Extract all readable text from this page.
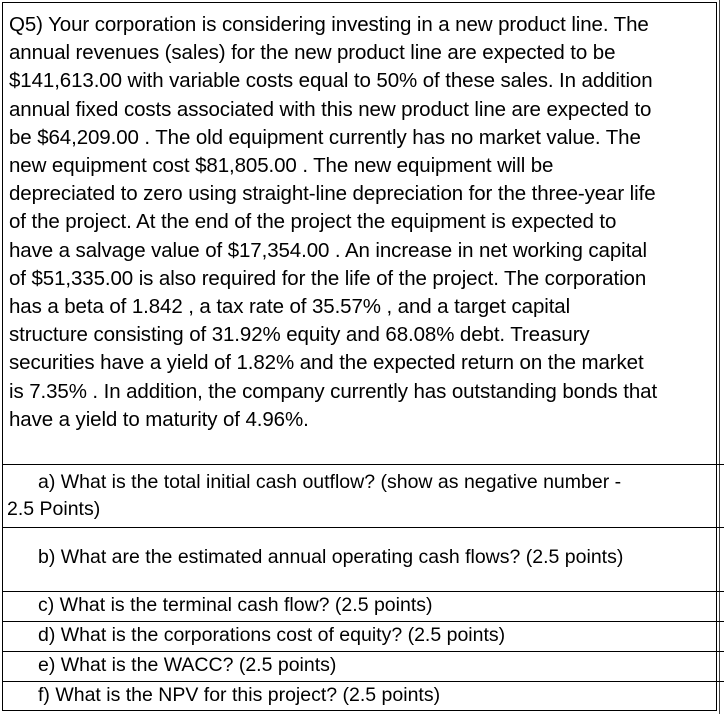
Q5) Your corporation is considering investing in a new product line. The
annual revenues (sales) for the new product line are expected to be
$141,613.00 with variable costs equal to 50% of these sales. In addition
annual fixed costs associated with this new product line are expected to
be $64,209.00 . The old equipment currently has no market value. The
new equipment cost $81,805.00 . The new equipment will be
depreciated to zero using straight-line depreciation for the three-year life
of the project. At the end of the project the equipment is expected to
have a salvage value of $17,354.00 . An increase in net working capital
of $51,335.00 is also required for the life of the project. The corporation
has a beta of 1.842 , a tax rate of 35.57% , and a target capital
structure consisting of 31.92% equity and 68.08% debt. Treasury
securities have a yield of 1.82% and the expected return on the market
is 7.35% . In addition, the company currently has outstanding bonds that
have a yield to maturity of 4.96%.
a) What is the total initial cash outflow? (show as negative number -
2.5 Points)
b) What are the estimated annual operating cash flows? (2.5 points)
c) What is the terminal cash flow? (2.5 points)
d) What is the corporations cost of equity? (2.5 points)
e) What is the WACC? (2.5 points)
f) What is the NPV for this project? (2.5 points)
